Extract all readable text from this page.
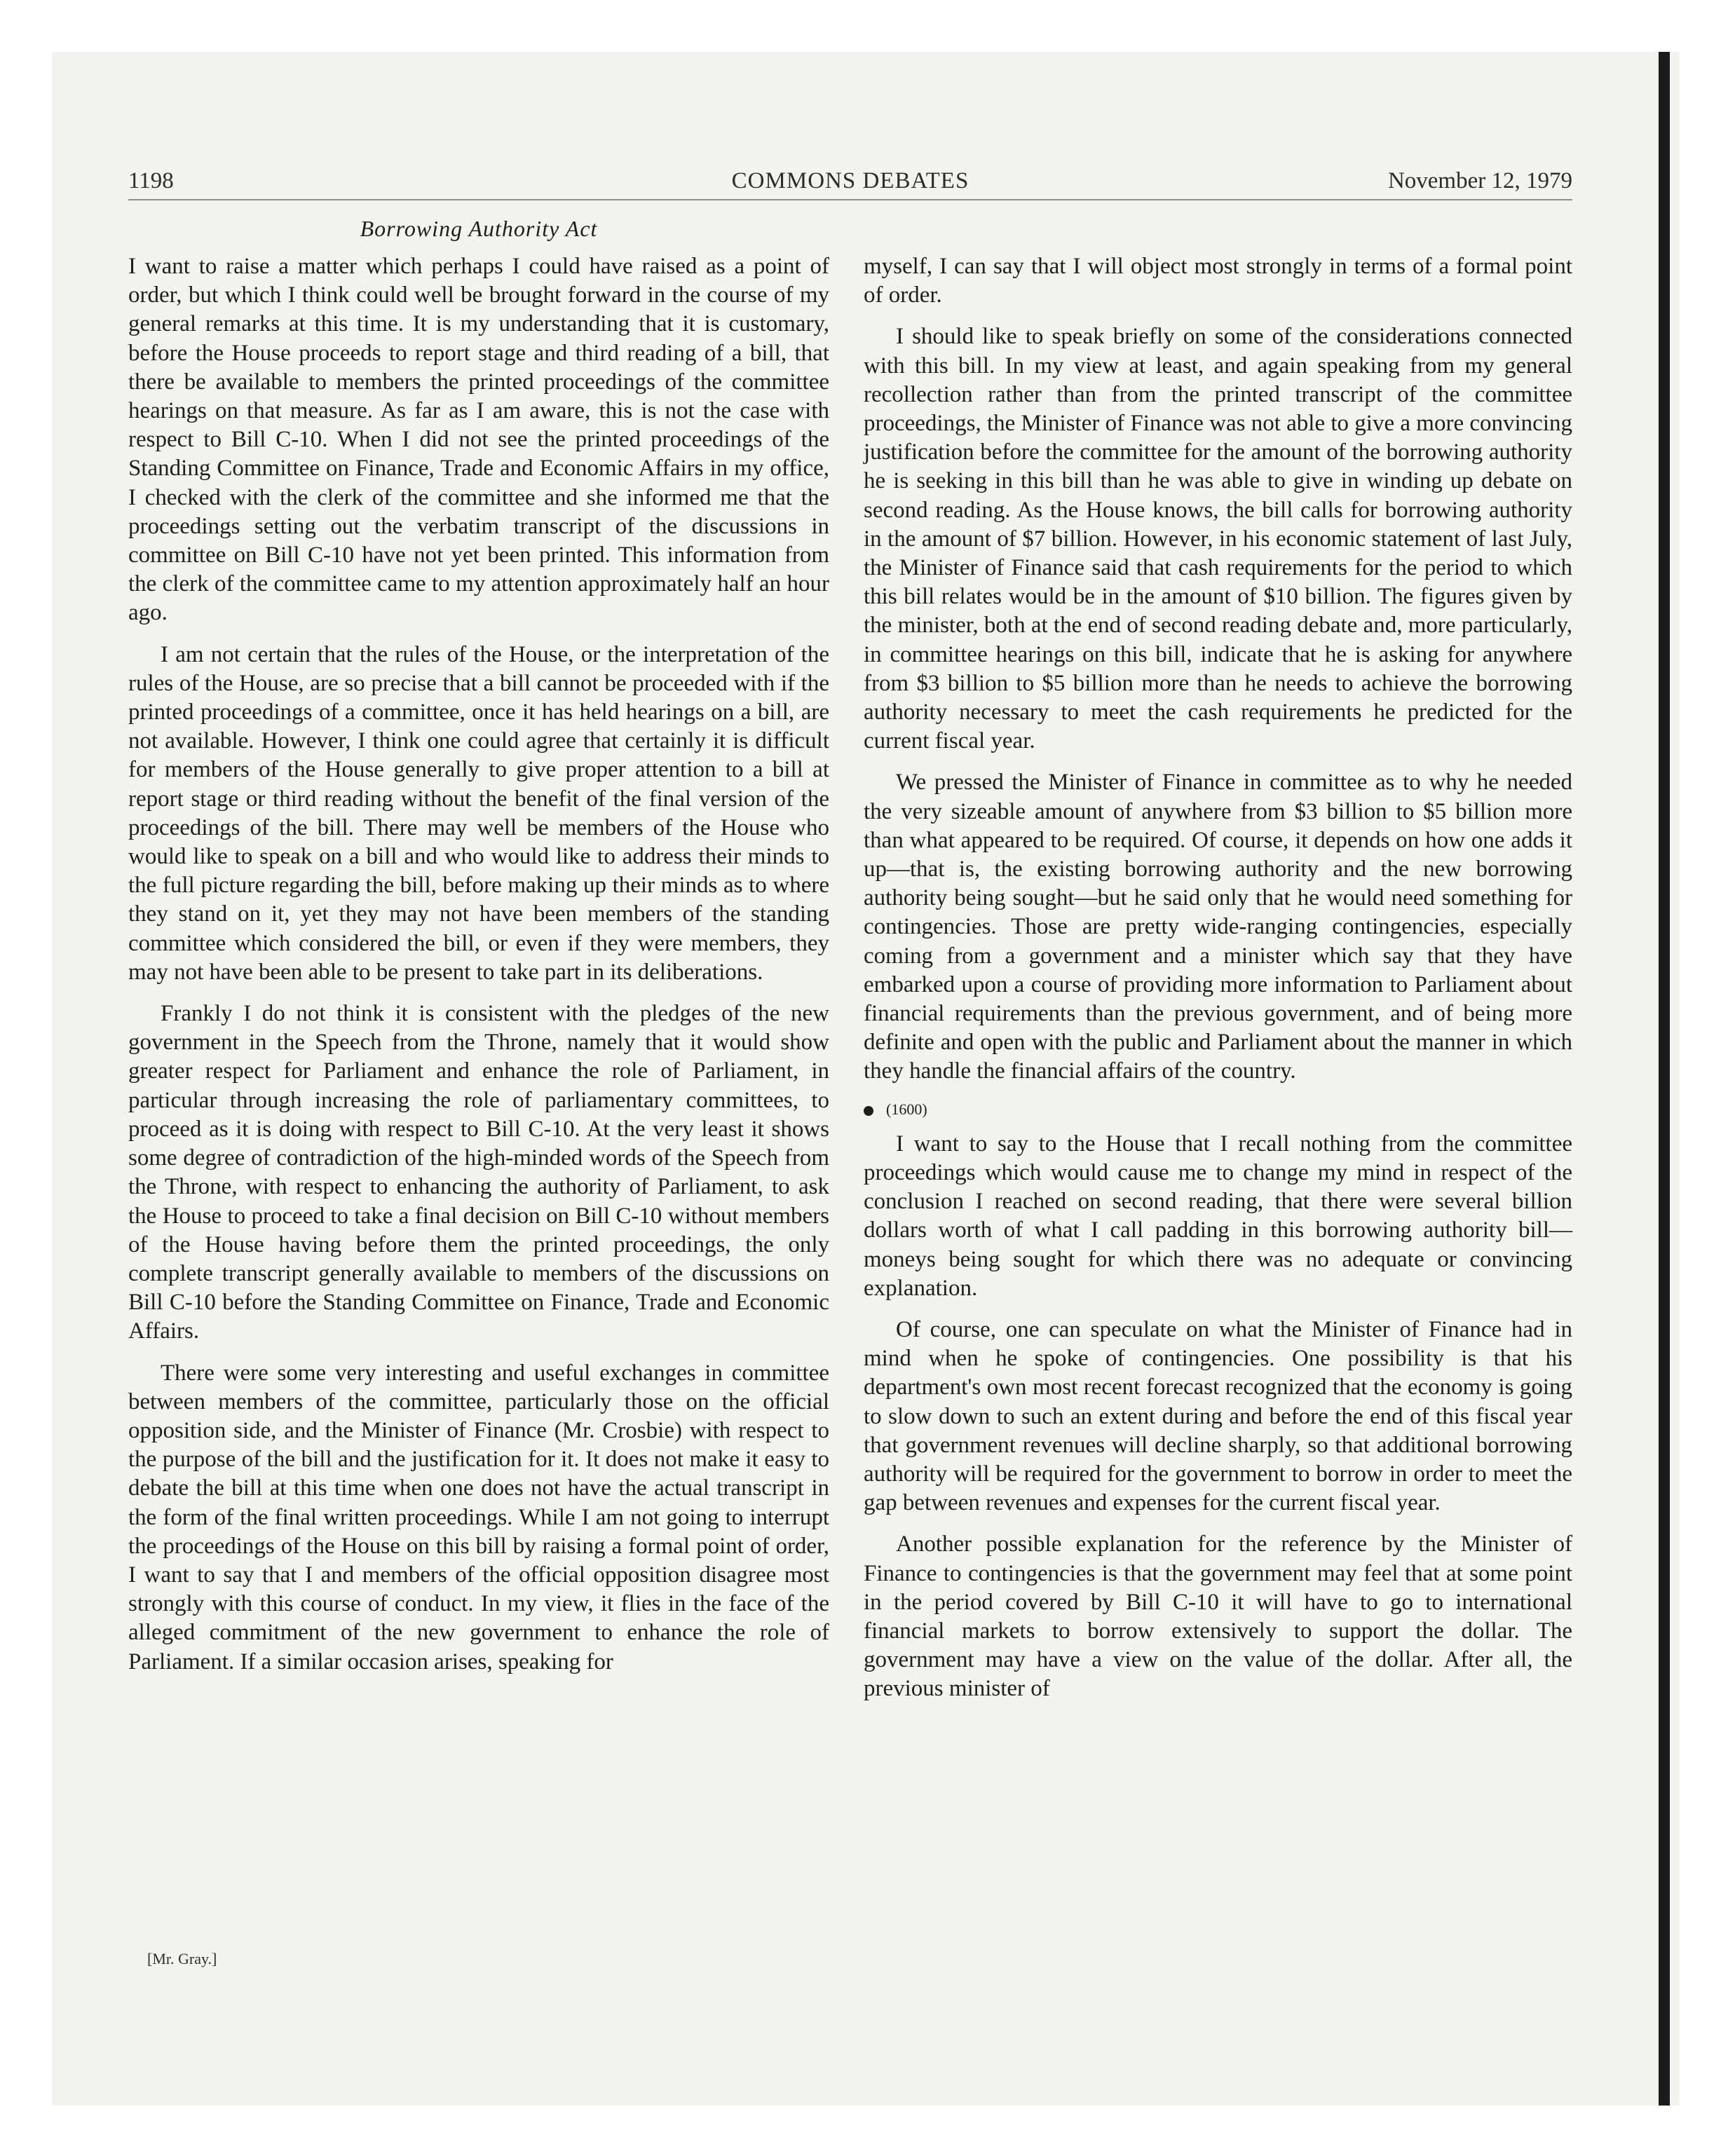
1198	COMMONS DEBATES	November 12, 1979
Borrowing Authority Act

I want to raise a matter which perhaps I could have raised as a point of order, but which I think could well be brought forward in the course of my general remarks at this time. It is my understanding that it is customary, before the House proceeds to report stage and third reading of a bill, that there be available to members the printed proceedings of the committee hearings on that measure. As far as I am aware, this is not the case with respect to Bill C-10. When I did not see the printed proceedings of the Standing Committee on Finance, Trade and Economic Affairs in my office, I checked with the clerk of the committee and she informed me that the proceedings setting out the verbatim transcript of the discussions in committee on Bill C-10 have not yet been printed. This information from the clerk of the committee came to my attention approximately half an hour ago.

I am not certain that the rules of the House, or the interpretation of the rules of the House, are so precise that a bill cannot be proceeded with if the printed proceedings of a committee, once it has held hearings on a bill, are not available. However, I think one could agree that certainly it is difficult for members of the House generally to give proper attention to a bill at report stage or third reading without the benefit of the final version of the proceedings of the bill. There may well be members of the House who would like to speak on a bill and who would like to address their minds to the full picture regarding the bill, before making up their minds as to where they stand on it, yet they may not have been members of the standing committee which considered the bill, or even if they were members, they may not have been able to be present to take part in its deliberations.

Frankly I do not think it is consistent with the pledges of the new government in the Speech from the Throne, namely that it would show greater respect for Parliament and enhance the role of Parliament, in particular through increasing the role of parliamentary committees, to proceed as it is doing with respect to Bill C-10. At the very least it shows some degree of contradiction of the high-minded words of the Speech from the Throne, with respect to enhancing the authority of Parliament, to ask the House to proceed to take a final decision on Bill C-10 without members of the House having before them the printed proceedings, the only complete transcript generally available to members of the discussions on Bill C-10 before the Standing Committee on Finance, Trade and Economic Affairs.

There were some very interesting and useful exchanges in committee between members of the committee, particularly those on the official opposition side, and the Minister of Finance (Mr. Crosbie) with respect to the purpose of the bill and the justification for it. It does not make it easy to debate the bill at this time when one does not have the actual transcript in the form of the final written proceedings. While I am not going to interrupt the proceedings of the House on this bill by raising a formal point of order, I want to say that I and members of the official opposition disagree most strongly with this course of conduct. In my view, it flies in the face of the alleged commitment of the new government to enhance the role of Parliament. If a similar occasion arises, speaking for

myself, I can say that I will object most strongly in terms of a formal point of order.

I should like to speak briefly on some of the considerations connected with this bill. In my view at least, and again speaking from my general recollection rather than from the printed transcript of the committee proceedings, the Minister of Finance was not able to give a more convincing justification before the committee for the amount of the borrowing authority he is seeking in this bill than he was able to give in winding up debate on second reading. As the House knows, the bill calls for borrowing authority in the amount of $7 billion. However, in his economic statement of last July, the Minister of Finance said that cash requirements for the period to which this bill relates would be in the amount of $10 billion. The figures given by the minister, both at the end of second reading debate and, more particularly, in committee hearings on this bill, indicate that he is asking for anywhere from $3 billion to $5 billion more than he needs to achieve the borrowing authority necessary to meet the cash requirements he predicted for the current fiscal year.

We pressed the Minister of Finance in committee as to why he needed the very sizeable amount of anywhere from $3 billion to $5 billion more than what appeared to be required. Of course, it depends on how one adds it up—that is, the existing borrowing authority and the new borrowing authority being sought—but he said only that he would need something for contingencies. Those are pretty wide-ranging contingencies, especially coming from a government and a minister which say that they have embarked upon a course of providing more information to Parliament about financial requirements than the previous government, and of being more definite and open with the public and Parliament about the manner in which they handle the financial affairs of the country.

(1600)

I want to say to the House that I recall nothing from the committee proceedings which would cause me to change my mind in respect of the conclusion I reached on second reading, that there were several billion dollars worth of what I call padding in this borrowing authority bill—moneys being sought for which there was no adequate or convincing explanation.

Of course, one can speculate on what the Minister of Finance had in mind when he spoke of contingencies. One possibility is that his department's own most recent forecast recognized that the economy is going to slow down to such an extent during and before the end of this fiscal year that government revenues will decline sharply, so that additional borrowing authority will be required for the government to borrow in order to meet the gap between revenues and expenses for the current fiscal year.

Another possible explanation for the reference by the Minister of Finance to contingencies is that the government may feel that at some point in the period covered by Bill C-10 it will have to go to international financial markets to borrow extensively to support the dollar. The government may have a view on the value of the dollar. After all, the previous minister of

[Mr. Gray.]
